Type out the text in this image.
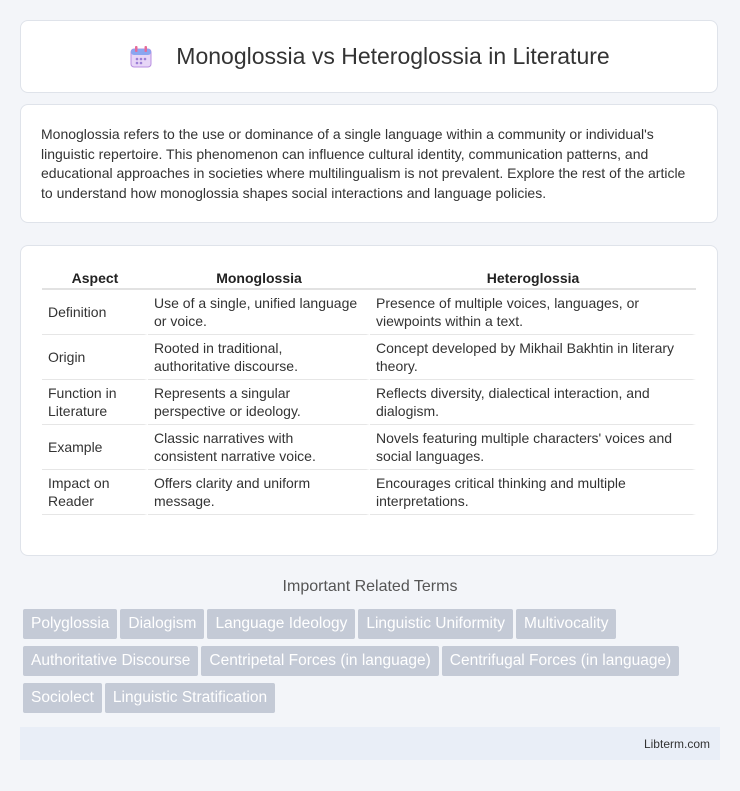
Monoglossia vs Heteroglossia in Literature

Monoglossia refers to the use or dominance of a single language within a community or individual's linguistic repertoire. This phenomenon can influence cultural identity, communication patterns, and educational approaches in societies where multilingualism is not prevalent. Explore the rest of the article to understand how monoglossia shapes social interactions and language policies.

Aspect	Monoglossia	Heteroglossia
Definition	Use of a single, unified language or voice.	Presence of multiple voices, languages, or viewpoints within a text.
Origin	Rooted in traditional, authoritative discourse.	Concept developed by Mikhail Bakhtin in literary theory.
Function in Literature	Represents a singular perspective or ideology.	Reflects diversity, dialectical interaction, and dialogism.
Example	Classic narratives with consistent narrative voice.	Novels featuring multiple characters' voices and social languages.
Impact on Reader	Offers clarity and uniform message.	Encourages critical thinking and multiple interpretations.
Important Related Terms
Polyglossia Dialogism Language Ideology Linguistic Uniformity MultivocalityAuthoritative Discourse Centripetal Forces (in language) Centrifugal Forces (in language)Sociolect Linguistic Stratification
Libterm.com
